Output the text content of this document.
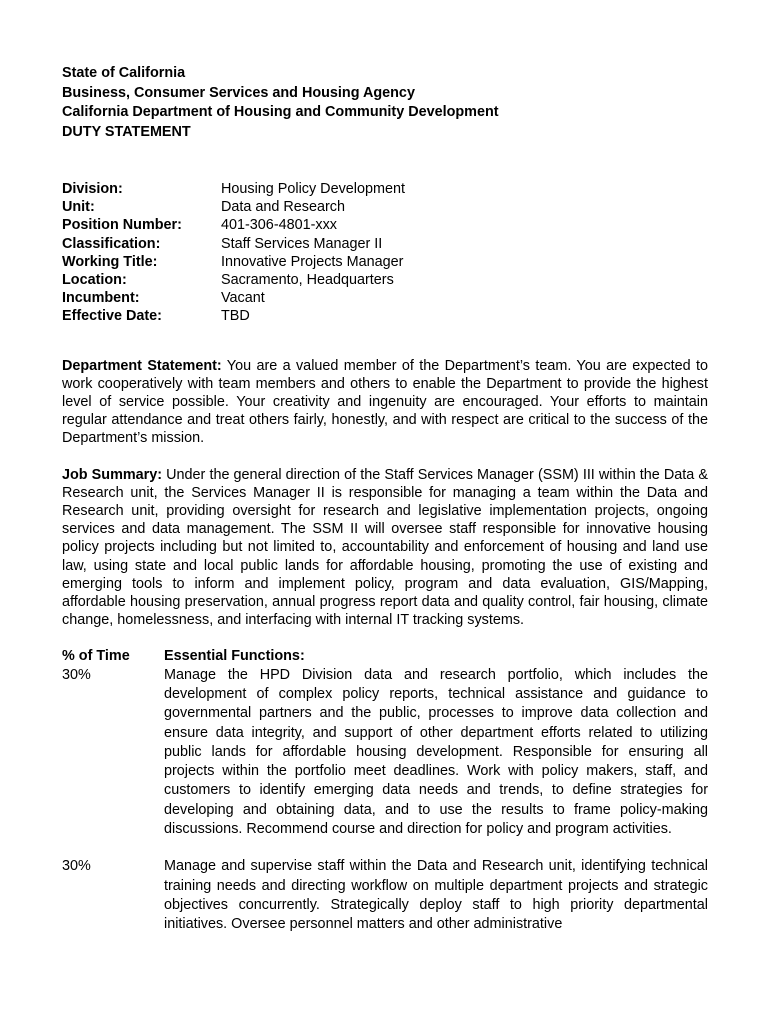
State of California
Business, Consumer Services and Housing Agency
California Department of Housing and Community Development
DUTY STATEMENT
Division:	Housing Policy Development
Unit:	Data and Research
Position Number:	401-306-4801-xxx
Classification:	Staff Services Manager II
Working Title:	Innovative Projects Manager
Location:	Sacramento, Headquarters
Incumbent:	Vacant
Effective Date:	TBD

Department Statement: You are a valued member of the Department’s team. You are expected to work cooperatively with team members and others to enable the Department to provide the highest level of service possible. Your creativity and ingenuity are encouraged. Your efforts to maintain regular attendance and treat others fairly, honestly, and with respect are critical to the success of the Department’s mission.

Job Summary: Under the general direction of the Staff Services Manager (SSM) III within the Data & Research unit, the Services Manager II is responsible for managing a team within the Data and Research unit, providing oversight for research and legislative implementation projects, ongoing services and data management. The SSM II will oversee staff responsible for innovative housing policy projects including but not limited to, accountability and enforcement of housing and land use law, using state and local public lands for affordable housing, promoting the use of existing and emerging tools to inform and implement policy, program and data evaluation, GIS/Mapping, affordable housing preservation, annual progress report data and quality control, fair housing, climate change, homelessness, and interfacing with internal IT tracking systems.

% of Time	Essential Functions:
30%	Manage the HPD Division data and research portfolio, which includes the development of complex policy reports, technical assistance and guidance to governmental partners and the public, processes to improve data collection and ensure data integrity, and support of other department efforts related to utilizing public lands for affordable housing development. Responsible for ensuring all projects within the portfolio meet deadlines. Work with policy makers, staff, and customers to identify emerging data needs and trends, to define strategies for developing and obtaining data, and to use the results to frame policy-making discussions. Recommend course and direction for policy and program activities.
30%	Manage and supervise staff within the Data and Research unit, identifying technical training needs and directing workflow on multiple department projects and strategic objectives concurrently. Strategically deploy staff to high priority departmental initiatives. Oversee personnel matters and other administrative
